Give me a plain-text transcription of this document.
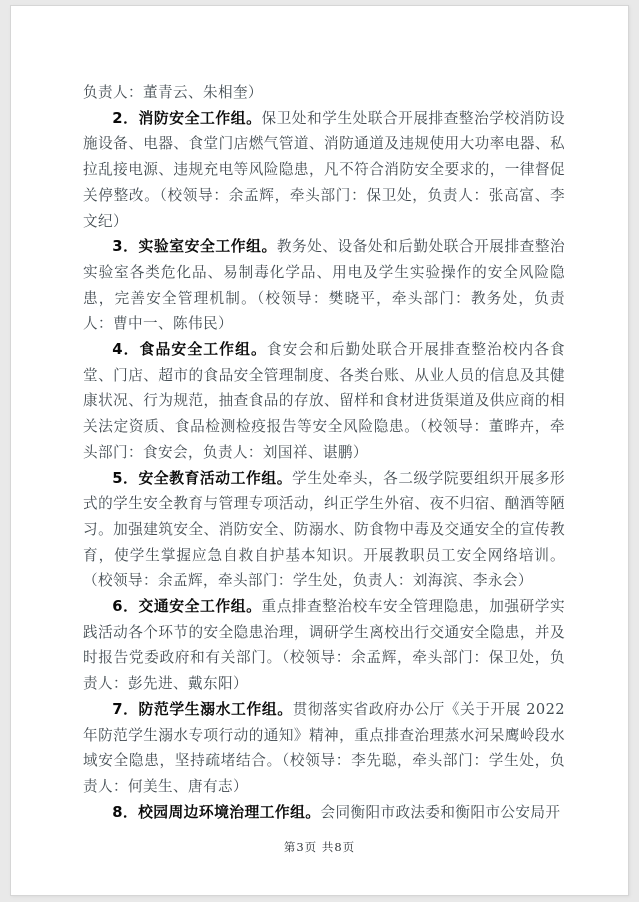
负责人：董青云、朱相奎）

2．消防安全工作组。保卫处和学生处联合开展排查整治学校消防设施设备、电器、食堂门店燃气管道、消防通道及违规使用大功率电器、私拉乱接电源、违规充电等风险隐患，凡不符合消防安全要求的，一律督促关停整改。（校领导：余孟辉，牵头部门：保卫处，负责人：张高富、李文纪）

3．实验室安全工作组。教务处、设备处和后勤处联合开展排查整治实验室各类危化品、易制毒化学品、用电及学生实验操作的安全风险隐患，完善安全管理机制。（校领导：樊晓平，牵头部门：教务处，负责人：曹中一、陈伟民）

4．食品安全工作组。食安会和后勤处联合开展排查整治校内各食堂、门店、超市的食品安全管理制度、各类台账、从业人员的信息及其健康状况、行为规范，抽查食品的存放、留样和食材进货渠道及供应商的相关法定资质、食品检测检疫报告等安全风险隐患。（校领导：董晔卉，牵头部门：食安会，负责人：刘国祥、谌鹏）

5．安全教育活动工作组。学生处牵头，各二级学院要组织开展多形式的学生安全教育与管理专项活动，纠正学生外宿、夜不归宿、酗酒等陋习。加强建筑安全、消防安全、防溺水、防食物中毒及交通安全的宣传教育，使学生掌握应急自救自护基本知识。开展教职员工安全网络培训。（校领导：余孟辉，牵头部门：学生处，负责人：刘海滨、李永会）

6．交通安全工作组。重点排查整治校车安全管理隐患，加强研学实践活动各个环节的安全隐患治理，调研学生离校出行交通安全隐患，并及时报告党委政府和有关部门。（校领导：余孟辉，牵头部门：保卫处，负责人：彭先进、戴东阳）

7．防范学生溺水工作组。贯彻落实省政府办公厅《关于开展 2022 年防范学生溺水专项行动的通知》精神，重点排查治理蒸水河呆鹰岭段水域安全隐患，坚持疏堵结合。（校领导：李先聪，牵头部门：学生处，负责人：何美生、唐有志）

8．校园周边环境治理工作组。会同衡阳市政法委和衡阳市公安局开

第3页 共8页
